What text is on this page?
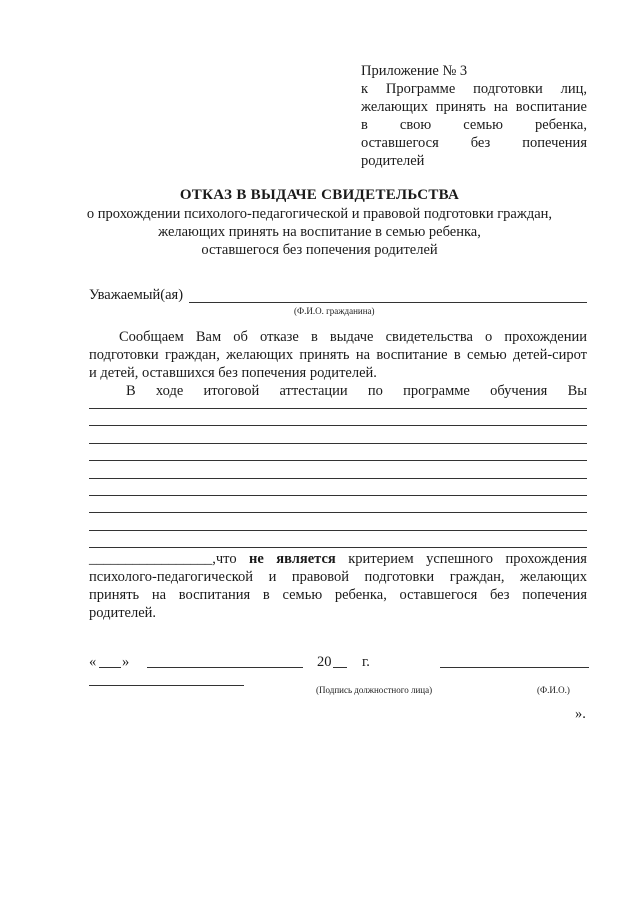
Приложение № 3
к Программе подготовки лиц,
желающих принять на воспитание
в свою семью ребенка,
оставшегося без попечения
родителей
ОТКАЗ В ВЫДАЧЕ СВИДЕТЕЛЬСТВА
о прохождении психолого-педагогической и правовой подготовки граждан,
желающих принять на воспитание в семью ребенка,
оставшегося без попечения родителей
Уважаемый(ая)
(Ф.И.О. гражданина)
Сообщаем Вам об отказе в выдаче свидетельства о прохождении
подготовки граждан, желающих принять на воспитание в семью детей-сирот
и детей, оставшихся без попечения родителей.
В ходе итоговой аттестации по программе обучения Вы
_________________,что не является критерием успешного прохождения
психолого-педагогической и правовой подготовки граждан, желающих
принять на воспитания в семью ребенка, оставшегося без попечения
родителей.
« »	20 г.
(Подпись должностного лица)	(Ф.И.О.)
».
